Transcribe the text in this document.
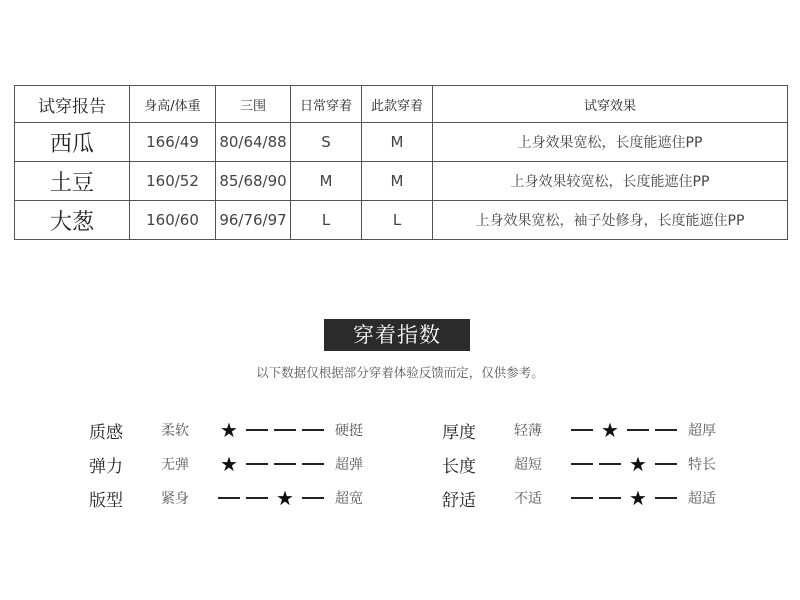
试穿报告	身高/体重	三围	日常穿着	此款穿着	试穿效果
西瓜	166/49	80/64/88	S	M	上身效果宽松，长度能遮住PP
土豆	160/52	85/68/90	M	M	上身效果较宽松，长度能遮住PP
大葱	160/60	96/76/97	L	L	上身效果宽松，袖子处修身，长度能遮住PP
穿着指数
以下数据仅根据部分穿着体验反馈而定，仅供参考。
质感	柔软	★	硬挺
弹力	无弹	★	超弹
版型	紧身	★	超宽
厚度	轻薄	★	超厚
长度	超短	★	特长
舒适	不适	★	超适
